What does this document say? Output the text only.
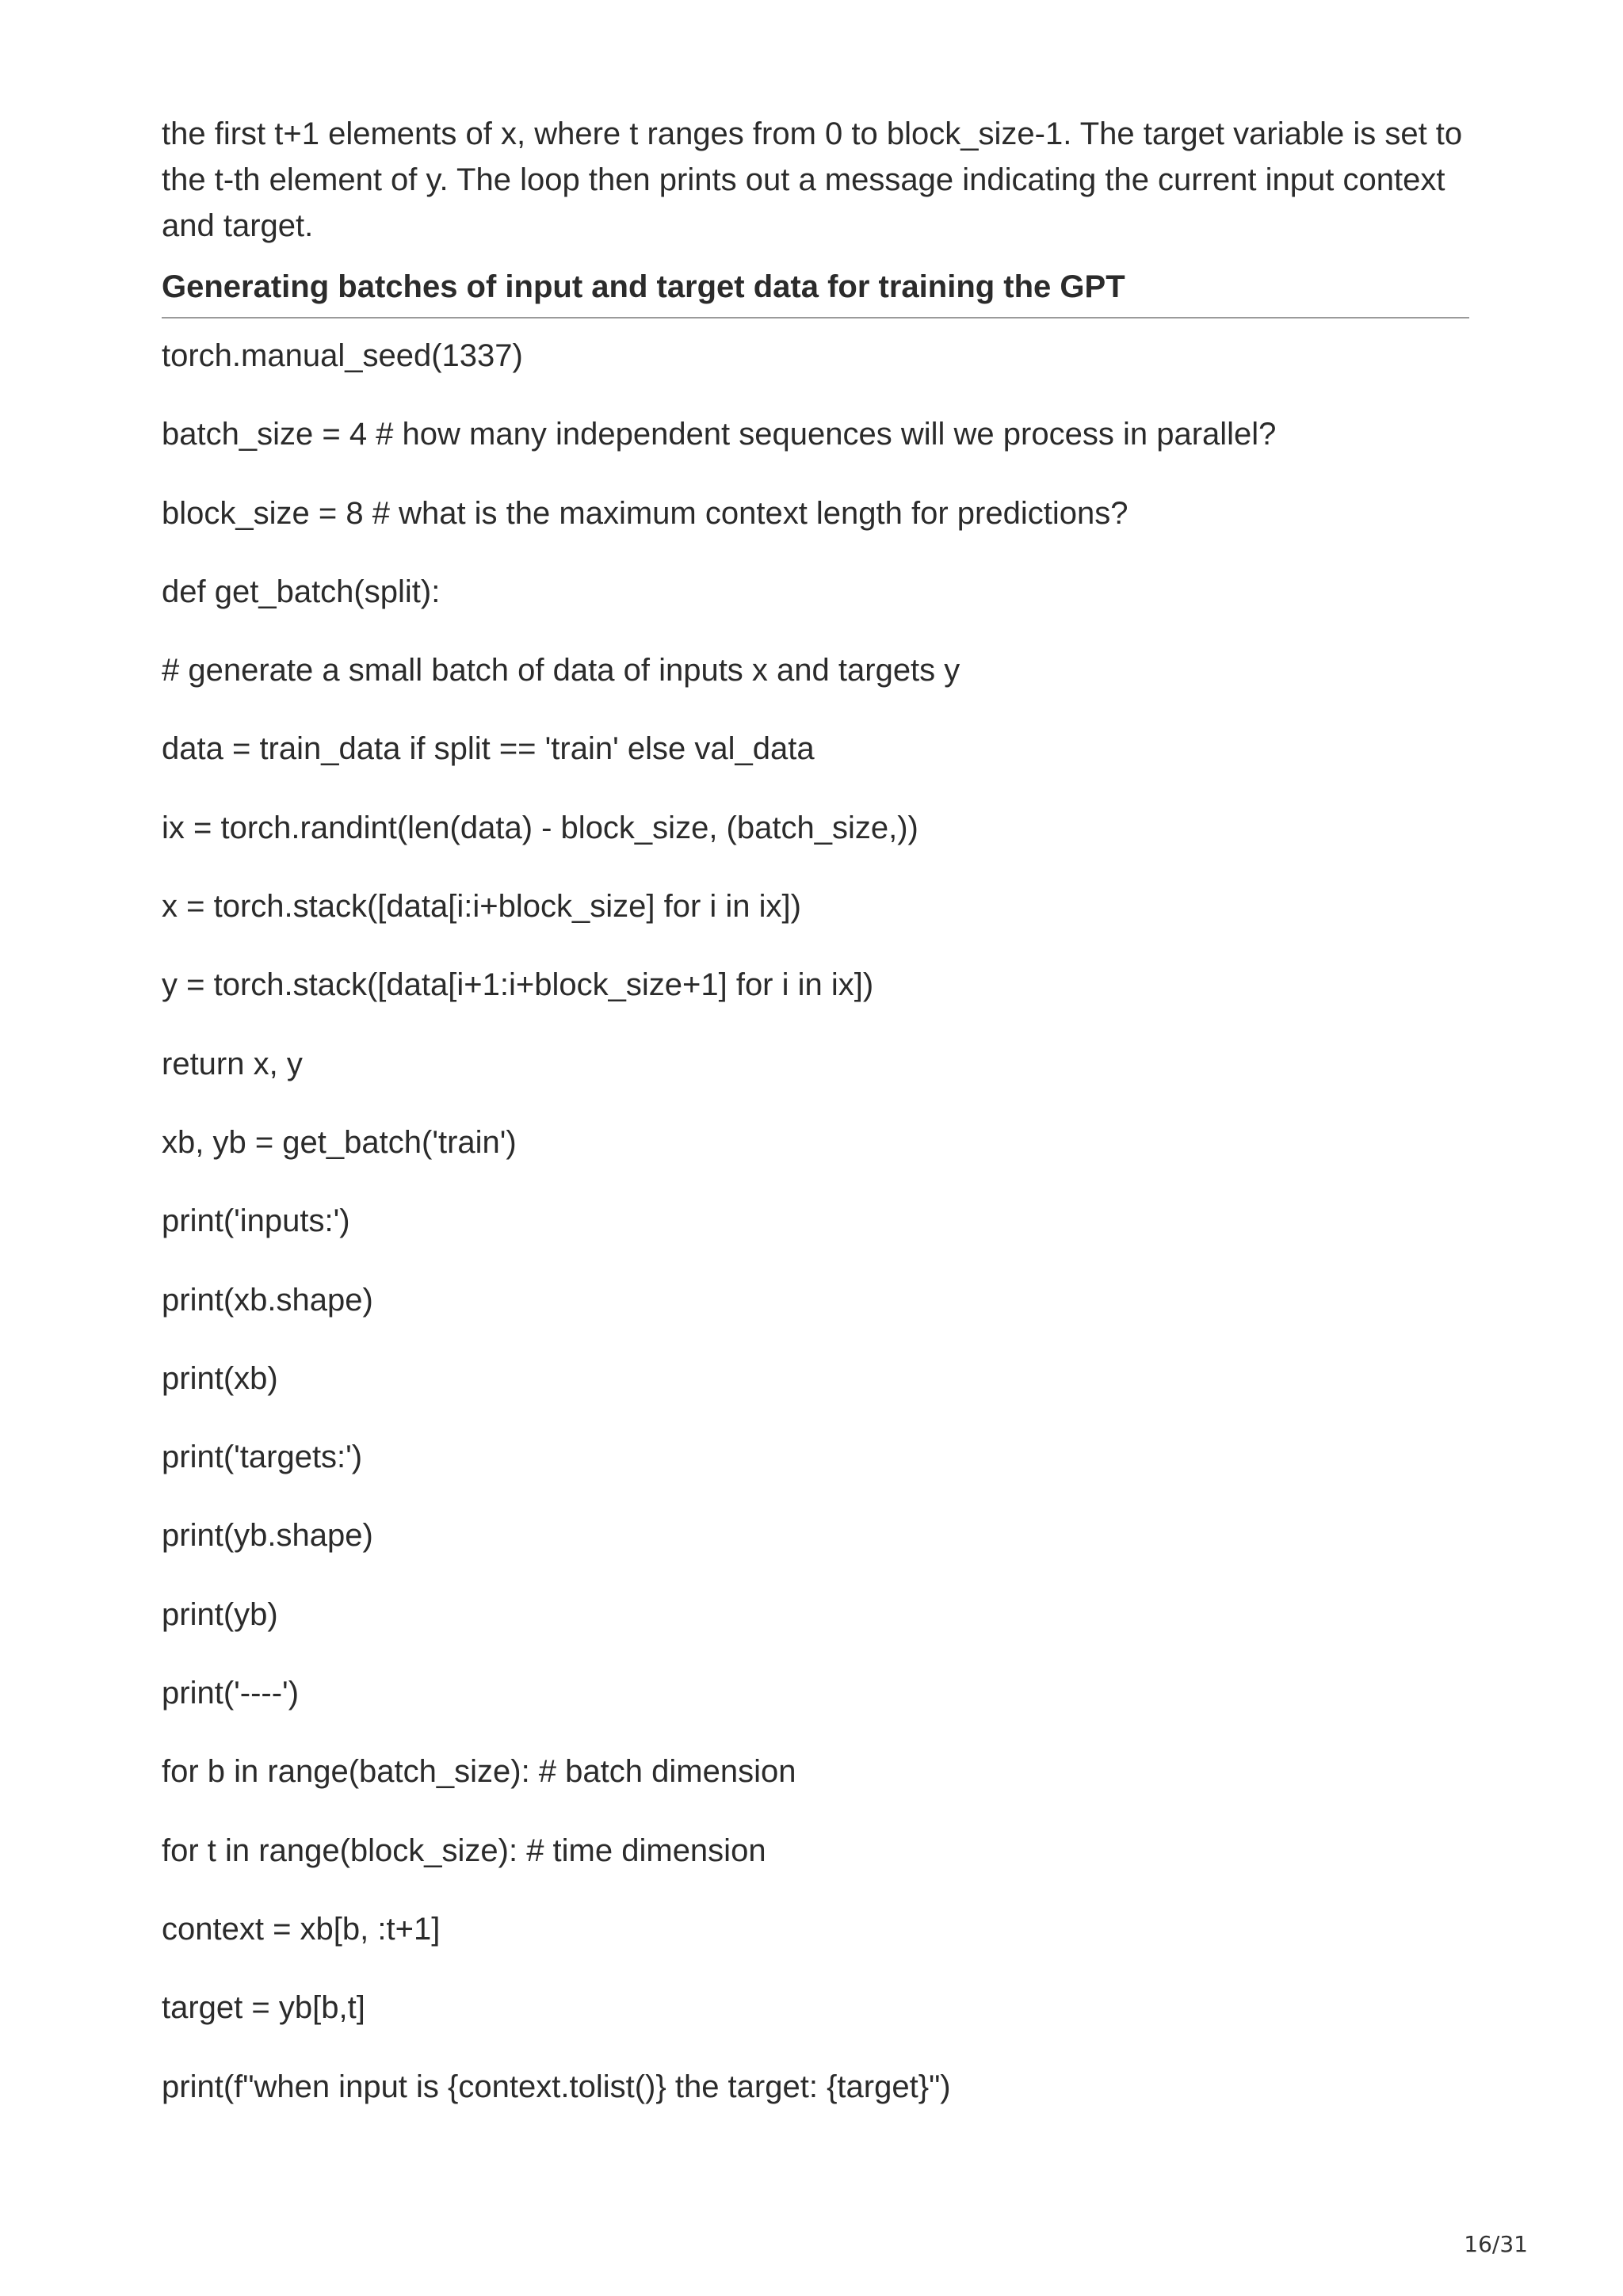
the first t+1 elements of x, where t ranges from 0 to block_size-1. The target variable is set to the t-th element of y. The loop then prints out a message indicating the current input context and target.

Generating batches of input and target data for training the GPT
torch.manual_seed(1337)
batch_size = 4 # how many independent sequences will we process in parallel?
block_size = 8 # what is the maximum context length for predictions?
def get_batch(split):
# generate a small batch of data of inputs x and targets y
data = train_data if split == 'train' else val_data
ix = torch.randint(len(data) - block_size, (batch_size,))
x = torch.stack([data[i:i+block_size] for i in ix])
y = torch.stack([data[i+1:i+block_size+1] for i in ix])
return x, y
xb, yb = get_batch('train')
print('inputs:')
print(xb.shape)
print(xb)
print('targets:')
print(yb.shape)
print(yb)
print('----')
for b in range(batch_size): # batch dimension
for t in range(block_size): # time dimension
context = xb[b, :t+1]
target = yb[b,t]
print(f"when input is {context.tolist()} the target: {target}")
16/31
